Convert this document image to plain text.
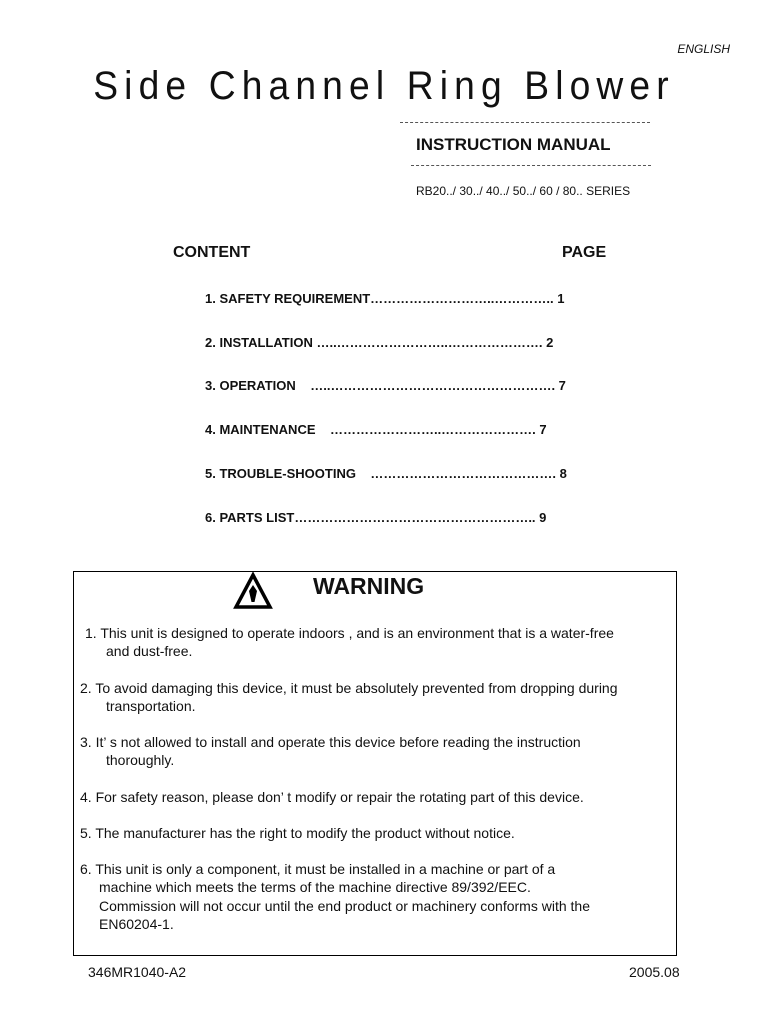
ENGLISH
Side Channel Ring Blower
INSTRUCTION MANUAL
RB20../ 30../ 40../ 50../ 60 / 80.. SERIES
CONTENT	PAGE
1. SAFETY REQUIREMENT………………………..………….. 1
2. INSTALLATION …..……………………..…………………. 2
3. OPERATION    …..……………………………………………. 7
4. MAINTENANCE    ……………………..…………………. 7
5. TROUBLE-SHOOTING    ……………………………………. 8
6. PARTS LIST……………………………………………….. 9
WARNING
1. This unit is designed to operate indoors , and is an environment that is a water-free
and dust-free.
2. To avoid damaging this device, it must be absolutely prevented from dropping during
transportation.
3. It’ s not allowed to install and operate this device before reading the instruction
thoroughly.
4. For safety reason, please don’ t modify or repair the rotating part of this device.
5. The manufacturer has the right to modify the product without notice.
6. This unit is only a component, it must be installed in a machine or part of a
machine which meets the terms of the machine directive 89/392/EEC.
Commission will not occur until the end product or machinery conforms with the
EN60204-1.
346MR1040-A2	2005.08
